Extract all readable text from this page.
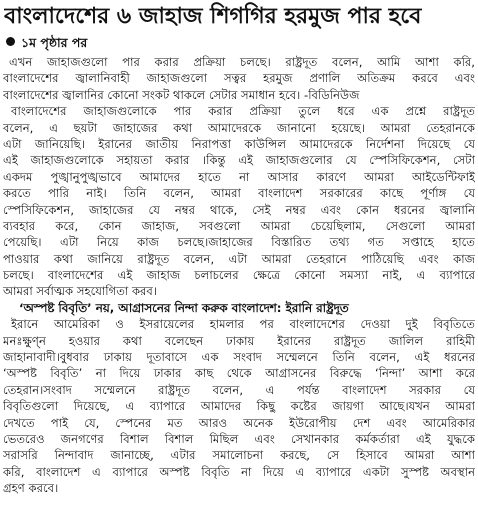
বাংলাদেশের ৬ জাহাজ শিগগির হরমুজ পার হবে
১ম পৃষ্ঠার পর
এখন জাহাজগুলো পার করার প্রক্রিয়া চলছে। রাষ্ট্রদূত বলেন, আমি আশা করি,
বাংলাদেশের জ্বালানিবাহী জাহাজগুলো সত্বর হরমুজ প্রণালি অতিক্রম করবে এবং
বাংলাদেশের জ্বালানির কোনো সংকট থাকলে সেটার সমাধান হবে। -বিডিনিউজ
বাংলাদেশের জাহাজগুলোকে পার করার প্রক্রিয়া তুলে ধরে এক প্রশ্নে রাষ্ট্রদূত
বলেন, এ ছয়টা জাহাজের কথা আমাদেরকে জানানো হয়েছে। আমরা তেহরানকে
এটা জানিয়েছি। ইরানের জাতীয় নিরাপত্তা কাউন্সিল আমাদেরকে নির্দেশনা দিয়েছে যে
এই জাহাজগুলোকে সহায়তা করার ।কিন্তু এই জাহাজগুলোর যে স্পেসিফিকেশন, সেটা
একদম পুঙ্খানুপুঙ্খভাবে আমাদের হাতে না আসার কারণে আমরা আইডেন্টিফাই
করতে পারি নাই। তিনি বলেন, আমরা বাংলাদেশ সরকারের কাছে পূর্ণাঙ্গ যে
স্পেসিফিকেশন, জাহাজের যে নম্বর থাকে, সেই নম্বর এবং কোন ধরনের জ্বালানি
ব্যবহার করে, কোন জাহাজ, সবগুলো আমরা চেয়েছিলাম, সেগুলো আমরা
পেয়েছি। এটা নিয়ে কাজ চলছে।জাহাজের বিস্তারিত তথ্য গত সপ্তাহে হাতে
পাওয়ার কথা জানিয়ে রাষ্ট্রদূত বলেন, এটা আমরা তেহরানে পাঠিয়েছি এবং কাজ
চলছে। বাংলাদেশের এই জাহাজ চলাচলের ক্ষেত্রে কোনো সমস্যা নাই, এ ব্যাপারে
আমরা সর্বাত্মক সহযোগিতা করব।
‘অস্পষ্ট বিবৃতি’ নয়, আগ্রাসনের নিন্দা করুক বাংলাদেশ: ইরানি রাষ্ট্রদূত
ইরানে আমেরিকা ও ইসরায়েলের হামলার পর বাংলাদেশের দেওয়া দুই বিবৃতিতে
মনঃক্ষুণ্ন হওয়ার কথা বলেছেন ঢাকায় ইরানের রাষ্ট্রদূত জালিল রাহিমী
জাহানাবাদী।বুধবার ঢাকায় দূতাবাসে এক সংবাদ সম্মেলনে তিনি বলেন, এই ধরনের
‘অস্পষ্ট বিবৃতি’ না দিয়ে ঢাকার কাছ থেকে আগ্রাসনের বিরুদ্ধে ‘নিন্দা’ আশা করে
তেহরান।সংবাদ সম্মেলনে রাষ্ট্রদূত বলেন, এ পর্যন্ত বাংলাদেশ সরকার যে
বিবৃতিগুলো দিয়েছে, এ ব্যাপারে আমাদের কিছু কষ্টের জায়গা আছে।যখন আমরা
দেখতে পাই যে, স্পেনের মত আরও অনেক ইউরোপীয় দেশ এবং আমেরিকার
ভেতরেও জনগণের বিশাল বিশাল মিছিল এবং সেখানকার কর্মকর্তারা এই যুদ্ধকে
সরাসরি নিন্দাবাদ জানাচ্ছে, এটার সমালোচনা করছে, সে হিসাবে আমরা আশা
করি, বাংলাদেশ এ ব্যাপারে অস্পষ্ট বিবৃতি না দিয়ে এ ব্যাপারে একটা সুস্পষ্ট অবস্থান
গ্রহণ করবে।
